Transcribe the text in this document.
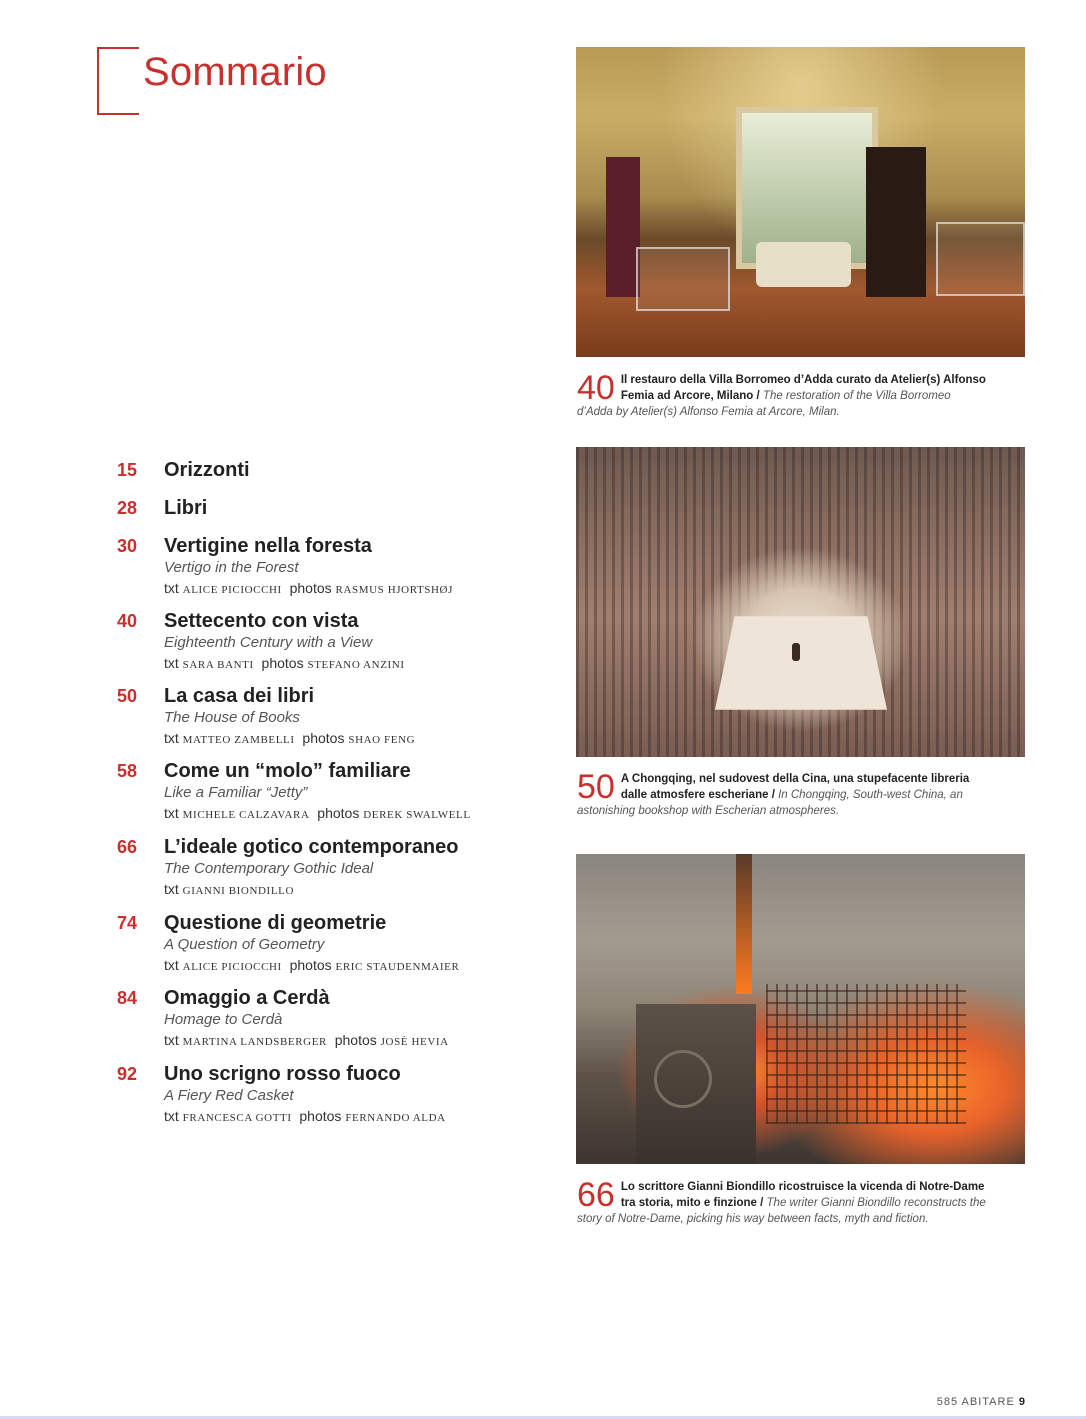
Sommario
15 Orizzonti
28 Libri
30 Vertigine nella foresta
Vertigo in the Forest
txt ALICE PICIOCCHI photos RASMUS HJORTSHØJ
40 Settecento con vista
Eighteenth Century with a View
txt SARA BANTI photos STEFANO ANZINI
50 La casa dei libri
The House of Books
txt MATTEO ZAMBELLI photos SHAO FENG
58 Come un “molo” familiare
Like a Familiar “Jetty”
txt MICHELE CALZAVARA photos DEREK SWALWELL
66 L’ideale gotico contemporaneo
The Contemporary Gothic Ideal
txt GIANNI BIONDILLO
74 Questione di geometrie
A Question of Geometry
txt ALICE PICIOCCHI photos ERIC STAUDENMAIER
84 Omaggio a Cerdà
Homage to Cerdà
txt MARTINA LANDSBERGER photos JOSÉ HEVIA
92 Uno scrigno rosso fuoco
A Fiery Red Casket
txt FRANCESCA GOTTI photos FERNANDO ALDA
40 Il restauro della Villa Borromeo d’Adda curato da Atelier(s) Alfonso Femia ad Arcore, Milano / The restoration of the Villa Borromeo d’Adda by Atelier(s) Alfonso Femia at Arcore, Milan.
50 A Chongqing, nel sudovest della Cina, una stupefacente libreria dalle atmosfere escheriane / In Chongqing, South-west China, an astonishing bookshop with Escherian atmospheres.
66 Lo scrittore Gianni Biondillo ricostruisce la vicenda di Notre-Dame tra storia, mito e finzione / The writer Gianni Biondillo reconstructs the story of Notre-Dame, picking his way between facts, myth and fiction.
585 ABITARE 9
